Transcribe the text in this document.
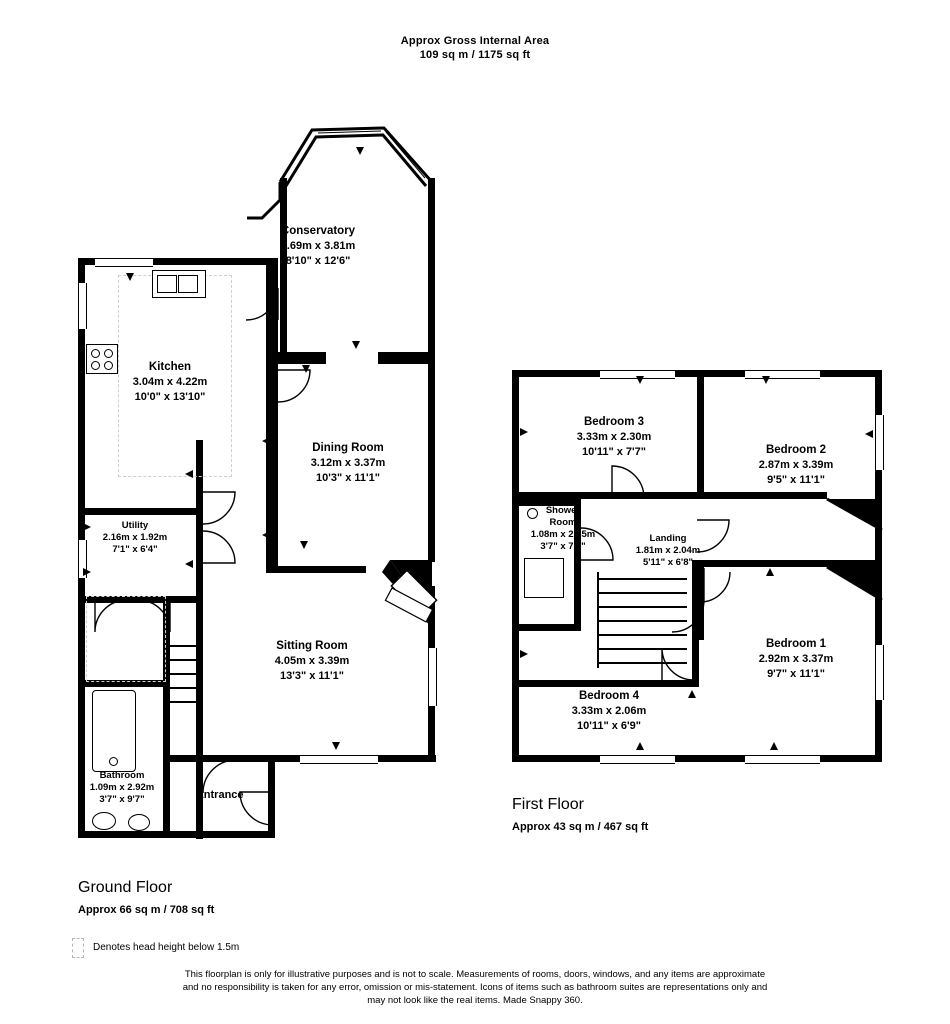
Approx Gross Internal Area
109 sq m / 1175 sq ft
Conservatory
2.69m x 3.81m
8'10" x 12'6"
Kitchen
3.04m x 4.22m
10'0" x 13'10"
Dining Room
3.12m x 3.37m
10'3" x 11'1"
Sitting Room
4.05m x 3.39m
13'3" x 11'1"
Utility
2.16m x 1.92m
7'1" x 6'4"
Bathroom
1.09m x 2.92m
3'7" x 9'7"	Entrance
Bedroom 3
3.33m x 2.30m
10'11" x 7'7"	Bedroom 2
2.87m x 3.39m
9'5" x 11'1"
Bedroom 1
2.92m x 3.37m
9'7" x 11'1"
Bedroom 4
3.33m x 2.06m
10'11" x 6'9"
Shower
Room
1.08m x 2.35m
3'7" x 7'9"
Landing
1.81m x 2.04m
5'11" x 6'8"
Ground Floor
Approx 66 sq m / 708 sq ft
First Floor
Approx 43 sq m / 467 sq ft
Denotes head height below 1.5m
This floorplan is only for illustrative purposes and is not to scale. Measurements of rooms, doors, windows, and any items are approximate
and no responsibility is taken for any error, omission or mis-statement. Icons of items such as bathroom suites are representations only and
may not look like the real items. Made Snappy 360.
